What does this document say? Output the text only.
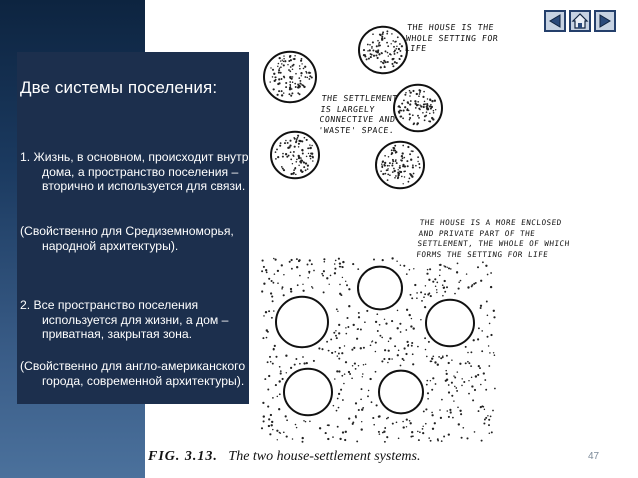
Две системы поселения:
1. Жизнь, в основном, происходит внутри дома, а пространство поселения – вторично и используется для связи.
(Свойственно для Средиземноморья, народной архитектуры).
2. Все пространство поселения используется для жизни, а дом – приватная, закрытая зона.
(Свойственно для англо-американского города, современной архитектуры).
THE HOUSE IS THE
WHOLE SETTING FOR
LIFE
THE SETTLEMENT
IS LARGELY
CONNECTIVE AND
'WASTE' SPACE.
THE HOUSE IS A MORE ENCLOSED
AND PRIVATE PART OF THE
SETTLEMENT, THE WHOLE OF WHICH
FORMS THE SETTING FOR LIFE
FIG. 3.13. The two house-settlement systems.	47
